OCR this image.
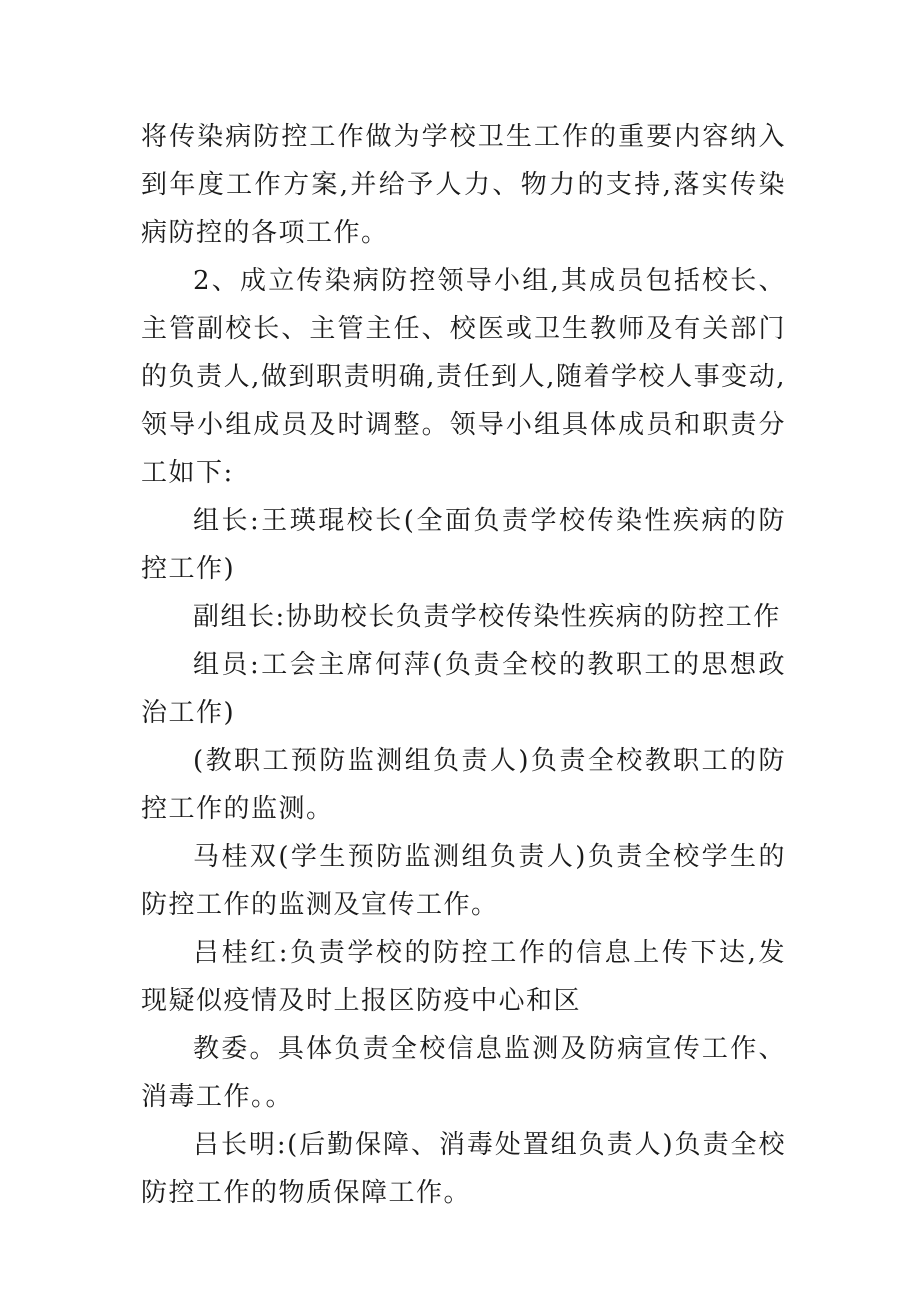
将传染病防控工作做为学校卫生工作的重要内容纳入到年度工作方案,并给予人力、物力的支持,落实传染病防控的各项工作。

2、成立传染病防控领导小组,其成员包括校长、主管副校长、主管主任、校医或卫生教师及有关部门的负责人,做到职责明确,责任到人,随着学校人事变动,领导小组成员及时调整。领导小组具体成员和职责分工如下:

组长:王瑛琨校长(全面负责学校传染性疾病的防控工作)

副组长:协助校长负责学校传染性疾病的防控工作

组员:工会主席何萍(负责全校的教职工的思想政治工作)

(教职工预防监测组负责人)负责全校教职工的防控工作的监测。

马桂双(学生预防监测组负责人)负责全校学生的防控工作的监测及宣传工作。

吕桂红:负责学校的防控工作的信息上传下达,发现疑似疫情及时上报区防疫中心和区

教委。具体负责全校信息监测及防病宣传工作、消毒工作。。

吕长明:(后勤保障、消毒处置组负责人)负责全校防控工作的物质保障工作。
